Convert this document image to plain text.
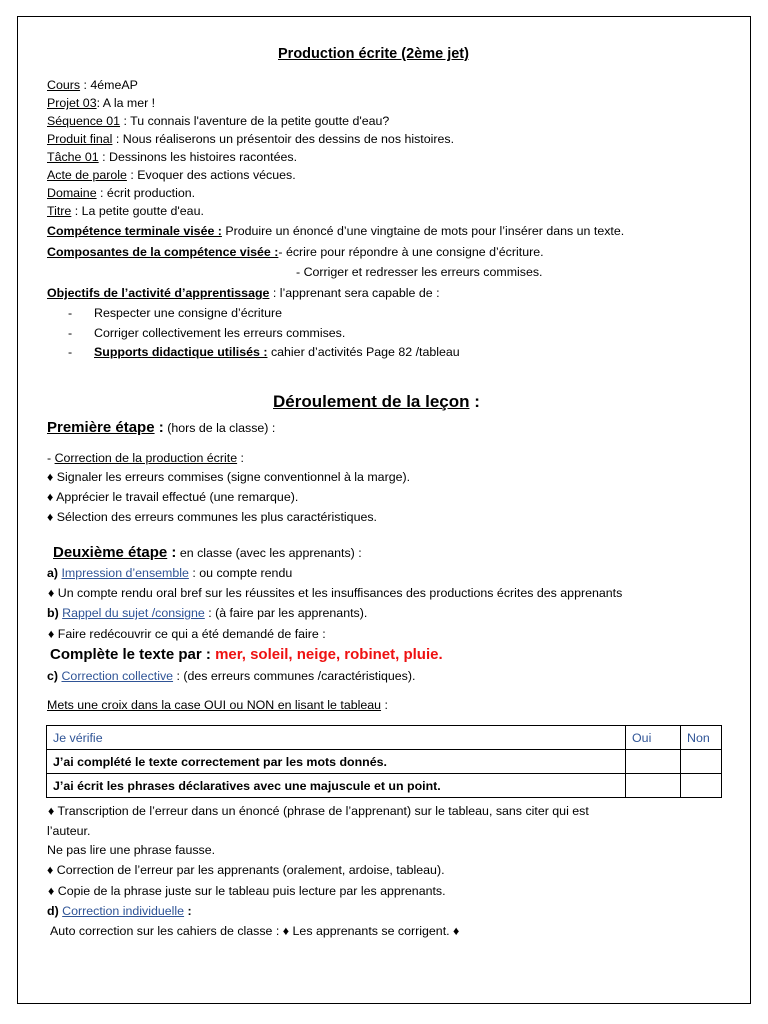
Production écrite (2ème jet)
Cours : 4émeAP
Projet 03: A la mer !
Séquence 01 : Tu connais l'aventure de la petite goutte d'eau?
Produit final : Nous réaliserons un présentoir des dessins de nos histoires.
Tâche 01 : Dessinons les histoires racontées.
Acte de parole : Evoquer des actions vécues.
Domaine : écrit production.
Titre : La petite goutte d'eau.
Compétence terminale visée : Produire un énoncé d’une vingtaine de mots pour l’insérer dans un texte.
Composantes de la compétence visée :- écrire pour répondre à une consigne d’écriture.
- Corriger et redresser les erreurs commises.
Objectifs de l’activité d’apprentissage : l’apprenant sera capable de :
- Respecter une consigne d’écriture
- Corriger collectivement les erreurs commises.
- Supports didactique utilisés : cahier d’activités Page 82 /tableau
Déroulement de la leçon :
Première étape : (hors de la classe) :
- Correction de la production écrite :
♦ Signaler les erreurs commises (signe conventionnel à la marge).
♦ Apprécier le travail effectué (une remarque).
♦ Sélection des erreurs communes les plus caractéristiques.
Deuxième étape : en classe (avec les apprenants) :
a) Impression d’ensemble : ou compte rendu
♦ Un compte rendu oral bref sur les réussites et les insuffisances des productions écrites des apprenants
b) Rappel du sujet /consigne : (à faire par les apprenants).
♦ Faire redécouvrir ce qui a été demandé de faire :
Complète le texte par : mer, soleil, neige, robinet, pluie.
c) Correction collective : (des erreurs communes /caractéristiques).
Mets une croix dans la case OUI ou NON en lisant le tableau :
Je vérifie	Oui	Non
J’ai complété le texte correctement par les mots donnés.		
J’ai écrit les phrases déclaratives avec une majuscule et un point.		
♦ Transcription de l’erreur dans un énoncé (phrase de l’apprenant) sur le tableau, sans citer qui est
l’auteur.
Ne pas lire une phrase fausse.
♦ Correction de l’erreur par les apprenants (oralement, ardoise, tableau).
♦ Copie de la phrase juste sur le tableau puis lecture par les apprenants.
d) Correction individuelle :
Auto correction sur les cahiers de classe : ♦ Les apprenants se corrigent. ♦
